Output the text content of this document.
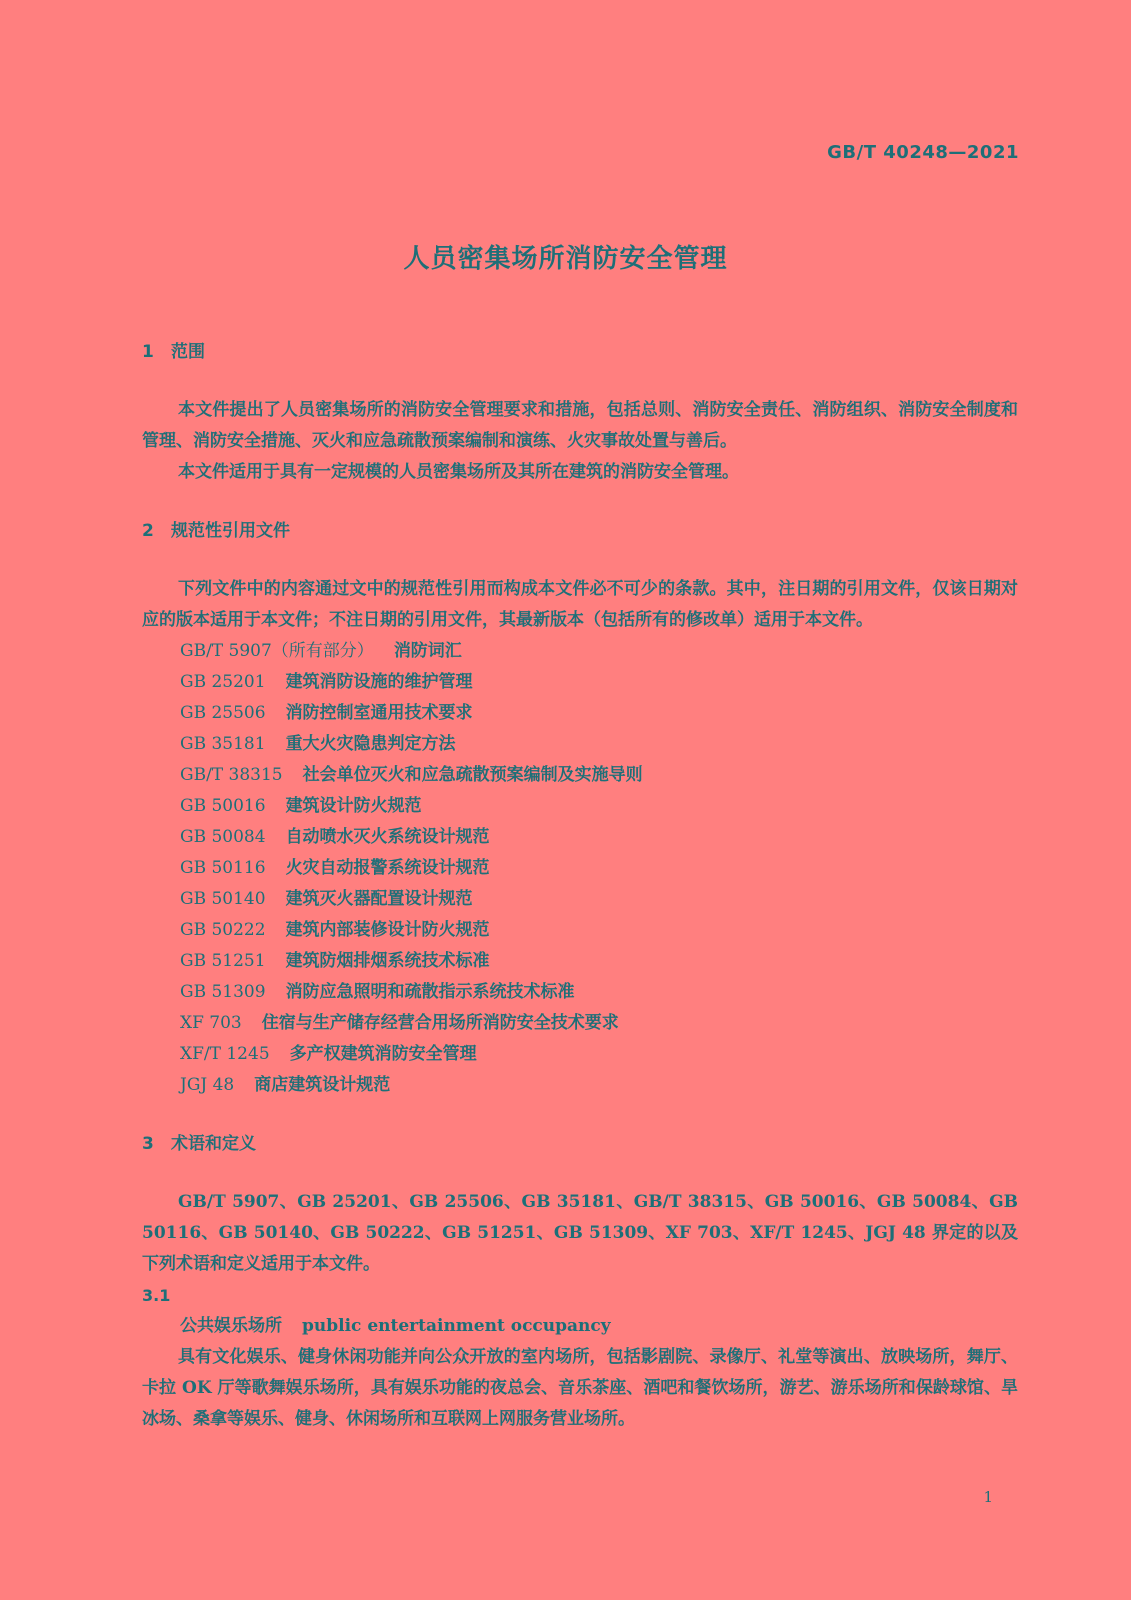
GB/T 40248—2021
人员密集场所消防安全管理
1 范围

本文件提出了人员密集场所的消防安全管理要求和措施，包括总则、消防安全责任、消防组织、消防安全制度和管理、消防安全措施、灭火和应急疏散预案编制和演练、火灾事故处置与善后。

本文件适用于具有一定规模的人员密集场所及其所在建筑的消防安全管理。

2 规范性引用文件

下列文件中的内容通过文中的规范性引用而构成本文件必不可少的条款。其中，注日期的引用文件，仅该日期对应的版本适用于本文件；不注日期的引用文件，其最新版本（包括所有的修改单）适用于本文件。

GB/T 5907（所有部分） 消防词汇
GB 25201 建筑消防设施的维护管理
GB 25506 消防控制室通用技术要求
GB 35181 重大火灾隐患判定方法
GB/T 38315 社会单位灭火和应急疏散预案编制及实施导则
GB 50016 建筑设计防火规范
GB 50084 自动喷水灭火系统设计规范
GB 50116 火灾自动报警系统设计规范
GB 50140 建筑灭火器配置设计规范
GB 50222 建筑内部装修设计防火规范
GB 51251 建筑防烟排烟系统技术标准
GB 51309 消防应急照明和疏散指示系统技术标准
XF 703 住宿与生产储存经营合用场所消防安全技术要求
XF/T 1245 多产权建筑消防安全管理
JGJ 48 商店建筑设计规范
3 术语和定义

GB/T 5907、GB 25201、GB 25506、GB 35181、GB/T 38315、GB 50016、GB 50084、GB 50116、GB 50140、GB 50222、GB 51251、GB 51309、XF 703、XF/T 1245、JGJ 48 界定的以及下列术语和定义适用于本文件。

3.1
公共娱乐场所 public entertainment occupancy

具有文化娱乐、健身休闲功能并向公众开放的室内场所，包括影剧院、录像厅、礼堂等演出、放映场所，舞厅、卡拉 OK 厅等歌舞娱乐场所，具有娱乐功能的夜总会、音乐茶座、酒吧和餐饮场所，游艺、游乐场所和保龄球馆、旱冰场、桑拿等娱乐、健身、休闲场所和互联网上网服务营业场所。

1
